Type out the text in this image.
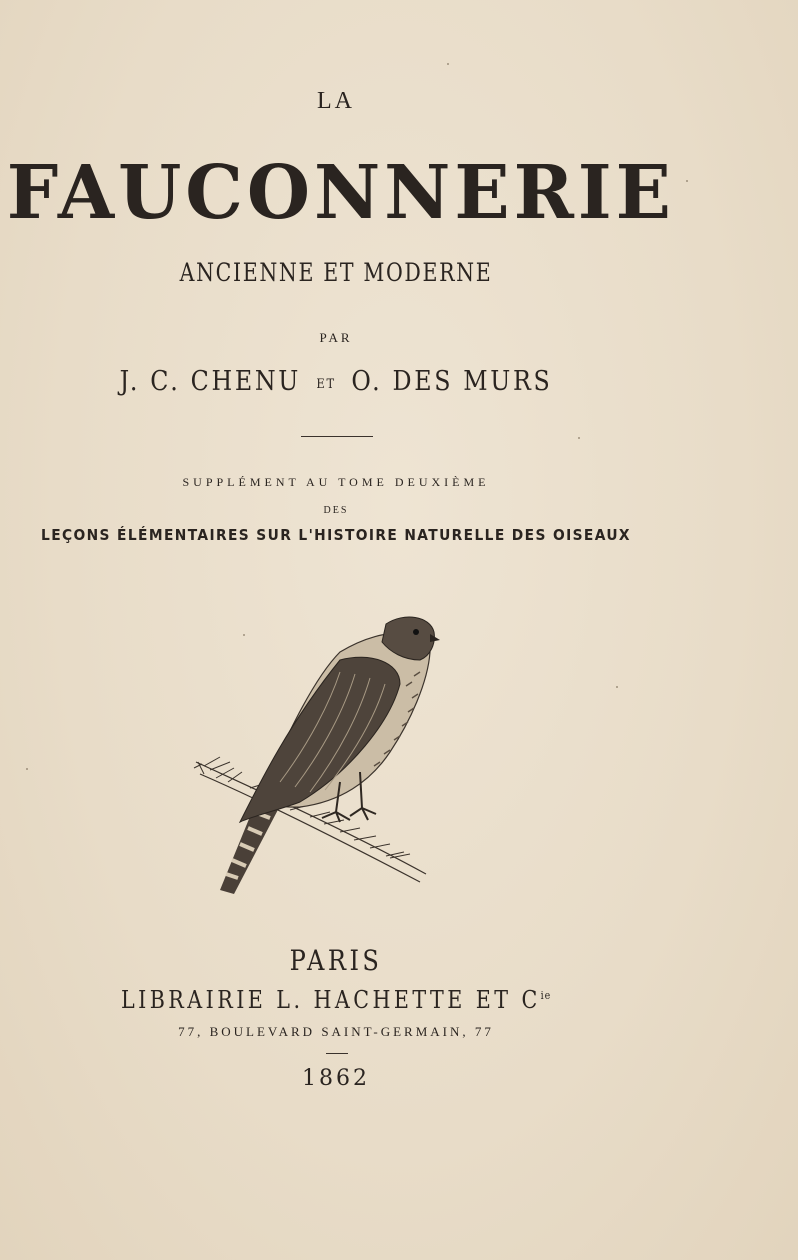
LA
FAUCONNERIE
ANCIENNE ET MODERNE
PAR
J. C. CHENU ET O. DES MURS
SUPPLÉMENT AU TOME DEUXIÈME
DES
LEÇONS ÉLÉMENTAIRES SUR L'HISTOIRE NATURELLE DES OISEAUX
PARIS
LIBRAIRIE L. HACHETTE ET $C^{ie}$
77, BOULEVARD SAINT-GERMAIN, 77
1862
